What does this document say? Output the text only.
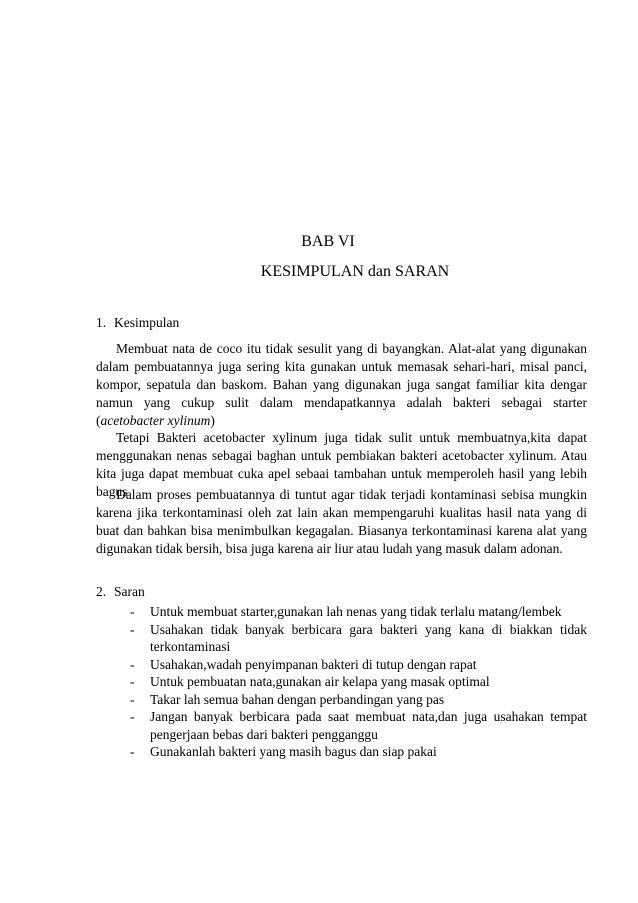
BAB VI
KESIMPULAN dan SARAN
1. Kesimpulan

Membuat nata de coco itu tidak sesulit yang di bayangkan. Alat-alat yang digunakan dalam pembuatannya juga sering kita gunakan untuk memasak sehari-hari, misal panci, kompor, sepatula dan baskom. Bahan yang digunakan juga sangat familiar kita dengar namun yang cukup sulit dalam mendapatkannya adalah bakteri sebagai starter (acetobacter xylinum)

Tetapi Bakteri acetobacter xylinum juga tidak sulit untuk membuatnya,kita dapat menggunakan nenas sebagai baghan untuk pembiakan bakteri acetobacter xylinum. Atau kita juga dapat membuat cuka apel sebaai tambahan untuk memperoleh hasil yang lebih bagus

Dalam proses pembuatannya di tuntut agar tidak terjadi kontaminasi sebisa mungkin karena jika terkontaminasi oleh zat lain akan mempengaruhi kualitas hasil nata yang di buat dan bahkan bisa menimbulkan kegagalan. Biasanya terkontaminasi karena alat yang digunakan tidak bersih, bisa juga karena air liur atau ludah yang masuk dalam adonan.

2. Saran
- Untuk membuat starter,gunakan lah nenas yang tidak terlalu matang/lembek
- Usahakan tidak banyak berbicara gara bakteri yang kana di biakkan tidak terkontaminasi
- Usahakan,wadah penyimpanan bakteri di tutup dengan rapat
- Untuk pembuatan nata,gunakan air kelapa yang masak optimal
- Takar lah semua bahan dengan perbandingan yang pas
- Jangan banyak berbicara pada saat membuat nata,dan juga usahakan tempat pengerjaan bebas dari bakteri pengganggu
- Gunakanlah bakteri yang masih bagus dan siap pakai
